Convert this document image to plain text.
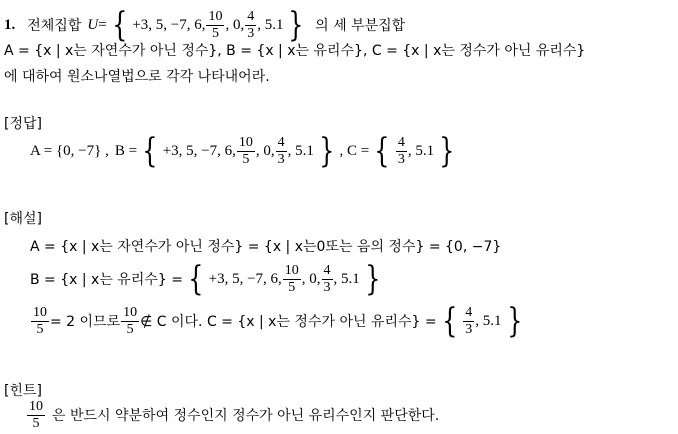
1. 전체집합 U = { +3, 5, −7, 6, $\frac{10}{5}$ , 0, $\frac{4}{3}$ , 5.1 } 의 세 부분집합
A = {x | x는 자연수가 아닌 정수}, B = {x | x는 유리수}, C = {x | x는 정수가 아닌 유리수}
에 대하여 원소나열법으로 각각 나타내어라.
[정답]
A = {0, −7} , B = { +3, 5, −7, 6, $\frac{10}{5}$ , 0, $\frac{4}{3}$ , 5.1 } , C = { $\frac{4}{3}$ , 5.1 }
[해설]
A = {x | x는 자연수가 아닌 정수} = {x | x는0또는 음의 정수} = {0, −7}
B = {x | x는 유리수} = { +3, 5, −7, 6, $\frac{10}{5}$ , 0, $\frac{4}{3}$ , 5.1 }
$\frac{10}{5} = 2$ 이므로 $\frac{10}{5}$ ∉ C 이다. C = {x | x는 정수가 아닌 유리수} = { $\frac{4}{3}$ , 5.1 }
[힌트]
$\frac{10}{5}$ 은 반드시 약분하여 정수인지 정수가 아닌 유리수인지 판단한다.
